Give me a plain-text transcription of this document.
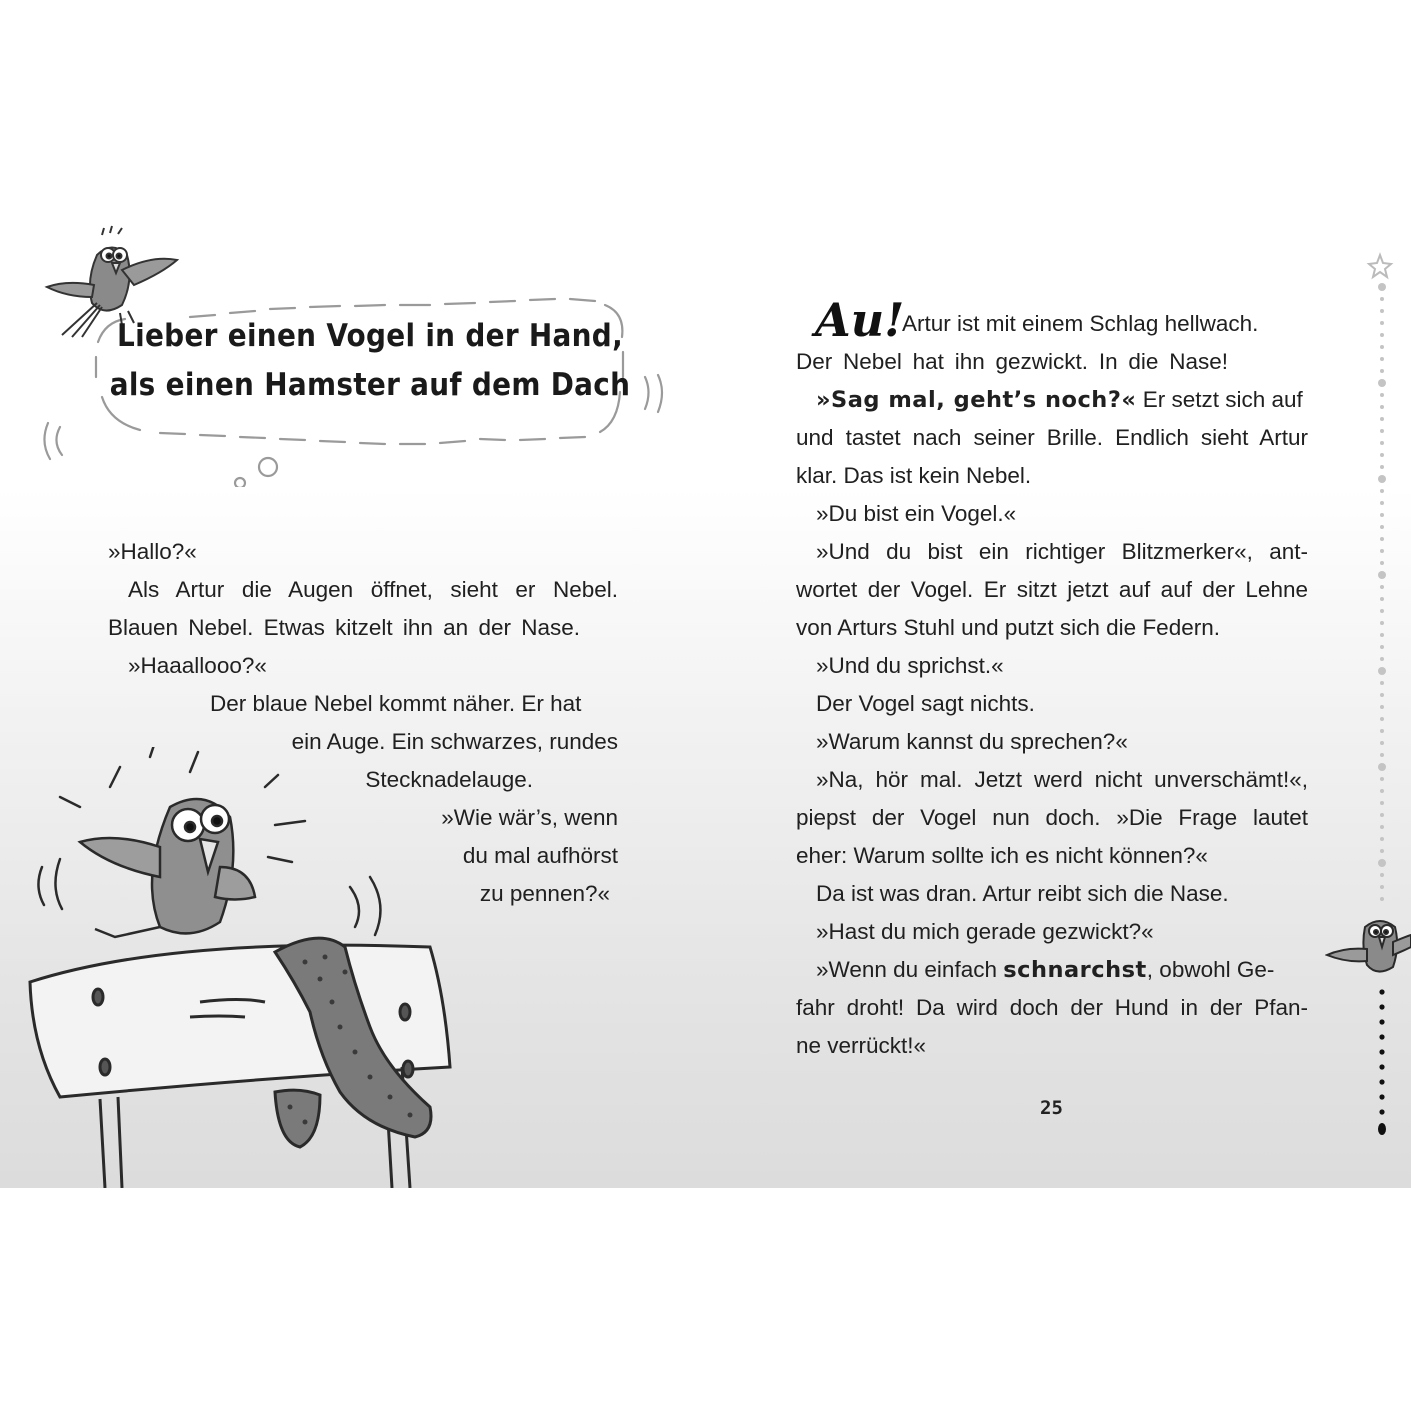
Lieber einen Vogel in der Hand,
als einen Hamster auf dem Dach
»Hallo?«
Als Artur die Augen öffnet, sieht er Nebel.
Blauen Nebel. Etwas kitzelt ihn an der Nase.
»Haaallooo?«
Der blaue Nebel kommt näher. Er hat
ein Auge. Ein schwarzes, rundes
Stecknadelauge.
»Wie wär’s, wenn
du mal aufhörst
zu pennen?«
Au!
Artur ist mit einem Schlag hellwach.
Der Nebel hat ihn gezwickt. In die Nase!
»Sag mal, geht’s noch?« Er setzt sich auf
und tastet nach seiner Brille. Endlich sieht Artur
klar. Das ist kein Nebel.
»Du bist ein Vogel.«
»Und du bist ein richtiger Blitzmerker«, ant-
wortet der Vogel. Er sitzt jetzt auf auf der Lehne
von Arturs Stuhl und putzt sich die Federn.
»Und du sprichst.«
Der Vogel sagt nichts.
»Warum kannst du sprechen?«
»Na, hör mal. Jetzt werd nicht unverschämt!«,
piepst der Vogel nun doch. »Die Frage lautet
eher: Warum sollte ich es nicht können?«
Da ist was dran. Artur reibt sich die Nase.
»Hast du mich gerade gezwickt?«
»Wenn du einfach schnarchst, obwohl Ge-
fahr droht! Da wird doch der Hund in der Pfan-
ne verrückt!«
25
